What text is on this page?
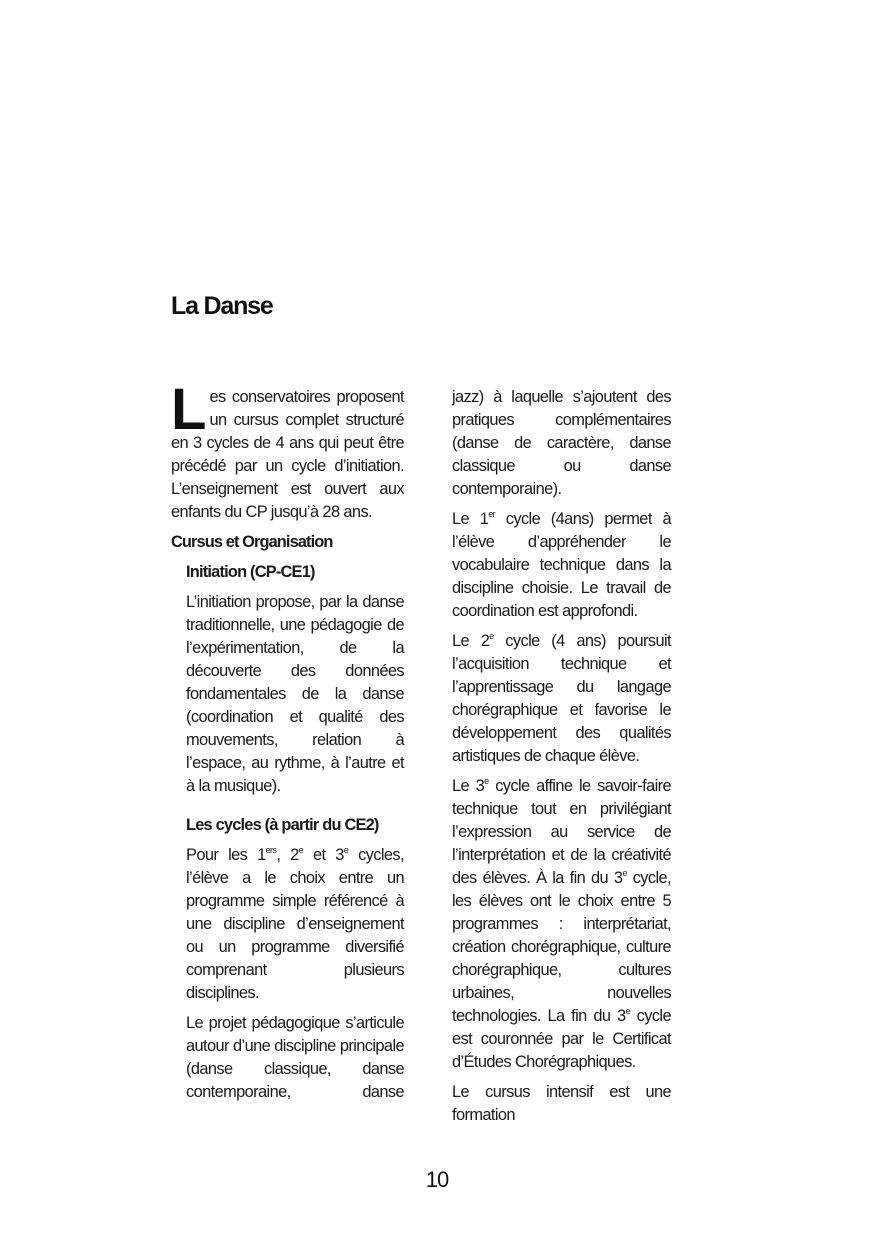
La Danse

Les conservatoires proposent un cursus complet structuré en 3 cycles de 4 ans qui peut être précédé par un cycle d’initiation. L’enseignement est ouvert aux enfants du CP jusqu’à 28 ans.

Cursus et Organisation

Initiation (CP-CE1)

L’initiation propose, par la danse traditionnelle, une pédagogie de l’expérimentation, de la découverte des données fondamentales de la danse (coordination et qualité des mouvements, relation à l’espace, au rythme, à l’autre et à la musique).

Les cycles (à partir du CE2)

Pour les 1ers, 2e et 3e cycles, l’élève a le choix entre un programme simple référencé à une discipline d’enseignement ou un programme diversifié comprenant plusieurs disciplines.

Le projet pédagogique s’articule autour d’une discipline principale (danse classique, danse contemporaine, danse

jazz) à laquelle s’ajoutent des pratiques complémentaires (danse de caractère, danse classique ou danse contemporaine).

Le 1er cycle (4ans) permet à l’élève d’appréhender le vocabulaire technique dans la discipline choisie. Le travail de coordination est approfondi.

Le 2e cycle (4 ans) poursuit l’acquisition technique et l’apprentissage du langage chorégraphique et favorise le développement des qualités artistiques de chaque élève.

Le 3e cycle affine le savoir-faire technique tout en privilégiant l’expression au service de l’interprétation et de la créativité des élèves. À la fin du 3e cycle, les élèves ont le choix entre 5 programmes : interprétariat, création chorégraphique, culture chorégraphique, cultures urbaines, nouvelles technologies. La fin du 3e cycle est couronnée par le Certificat d’Études Chorégraphiques.

Le cursus intensif est une formation

10
